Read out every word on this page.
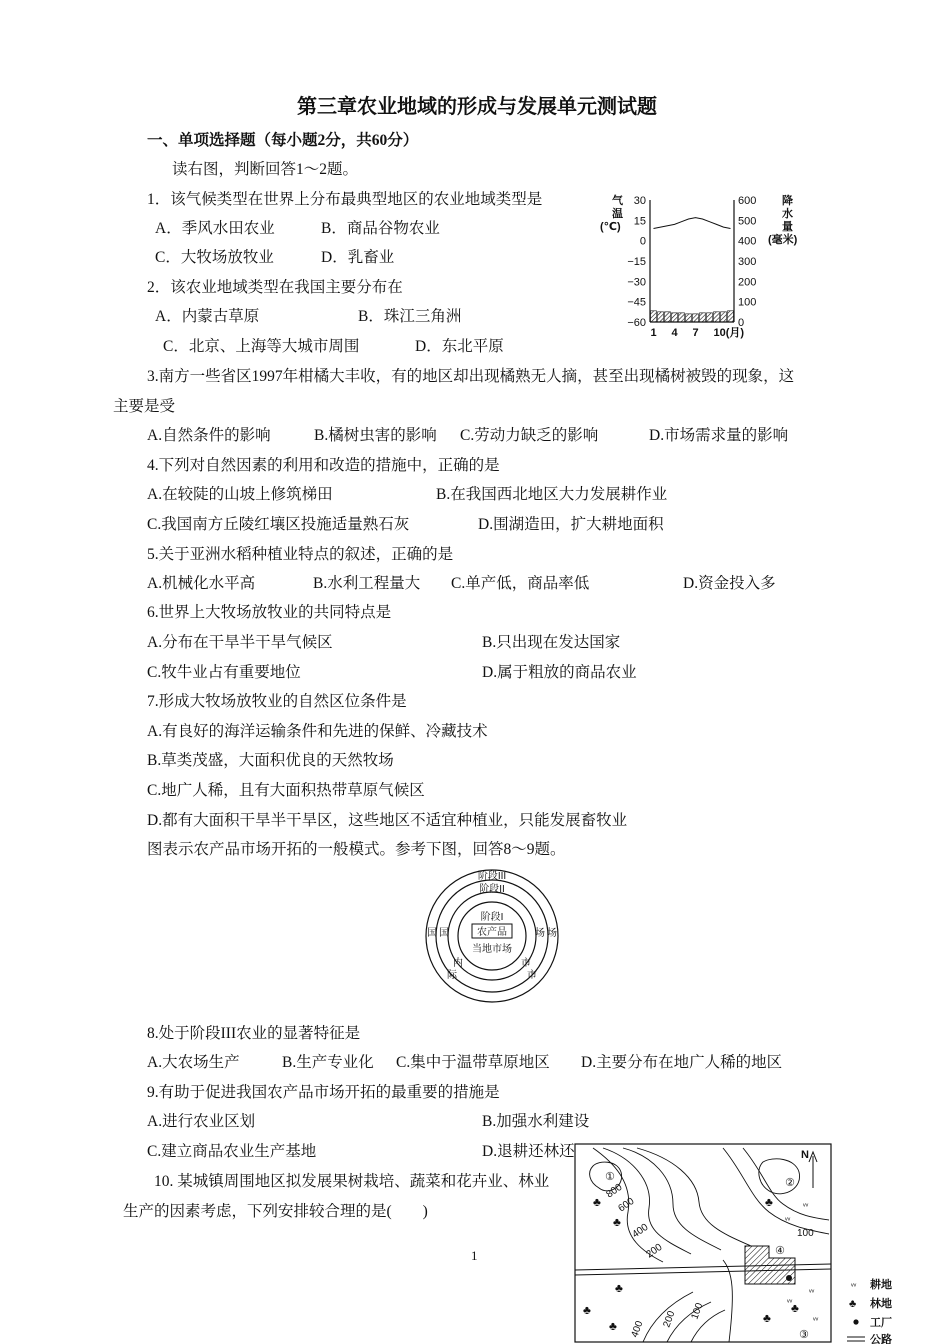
第三章农业地域的形成与发展单元测试题
一、单项选择题（每小题2分，共60分）
读右图，判断回答1～2题。
1．该气候类型在世界上分布最典型地区的农业地域类型是
A．季风水田农业	B．商品谷物农业
C．大牧场放牧业	D．乳畜业
2．该农业地域类型在我国主要分布在
A．内蒙古草原	B．珠江三角洲
C．北京、上海等大城市周围	D．东北平原
3.南方一些省区1997年柑橘大丰收，有的地区却出现橘熟无人摘，甚至出现橘树被毁的现象，这
主要是受
A.自然条件的影响	B.橘树虫害的影响 C.劳动力缺乏的影响	D.市场需求量的影响
4.下列对自然因素的利用和改造的措施中，正确的是
A.在较陡的山坡上修筑梯田	B.在我国西北地区大力发展耕作业
C.我国南方丘陵红壤区投施适量熟石灰	D.围湖造田，扩大耕地面积
5.关于亚洲水稻种植业特点的叙述，正确的是
A.机械化水平高	B.水利工程量大 C.单产低，商品率低	D.资金投入多
6.世界上大牧场放牧业的共同特点是
A.分布在干旱半干旱气候区	B.只出现在发达国家
C.牧牛业占有重要地位	D.属于粗放的商品农业
7.形成大牧场放牧业的自然区位条件是
A.有良好的海洋运输条件和先进的保鲜、冷藏技术
B.草类茂盛，大面积优良的天然牧场
C.地广人稀，且有大面积热带草原气候区
D.都有大面积干旱半干旱区，这些地区不适宜种植业，只能发展畜牧业
图表示农产品市场开拓的一般模式。参考下图，回答8～9题。
8.处于阶段III农业的显著特征是
A.大农场生产	B.生产专业化 C.集中于温带草原地区 D.主要分布在地广人稀的地区
9.有助于促进我国农产品市场开拓的最重要的措施是
A.进行农业区划	B.加强水利建设
C.建立商品农业生产基地	D.退耕还林还
10. 某城镇周围地区拟发展果树栽培、蔬菜和花卉业、林业
生产的因素考虑，下列安排较合理的是(　　)
1
气
温
(℃)
降
水
量
(毫米)
30
15
0
−15
−30
−45
−60
600
500
400
300
200
100
0
1 4 7 10(月)
阶段III
阶段II
阶段I
农产品
当地市场
国 国	场 场
内	市
际	市
N
①	②
③
④
800
600
400
200
100
400
200 100
♣
♣
♣
♣
♣
♣
♣
♣
ᵥᵥ
ᵥᵥ
ᵥᵥ
ᵥᵥ
ᵥᵥ
ᵥᵥ 耕地
♣ 林地
工厂
公路
